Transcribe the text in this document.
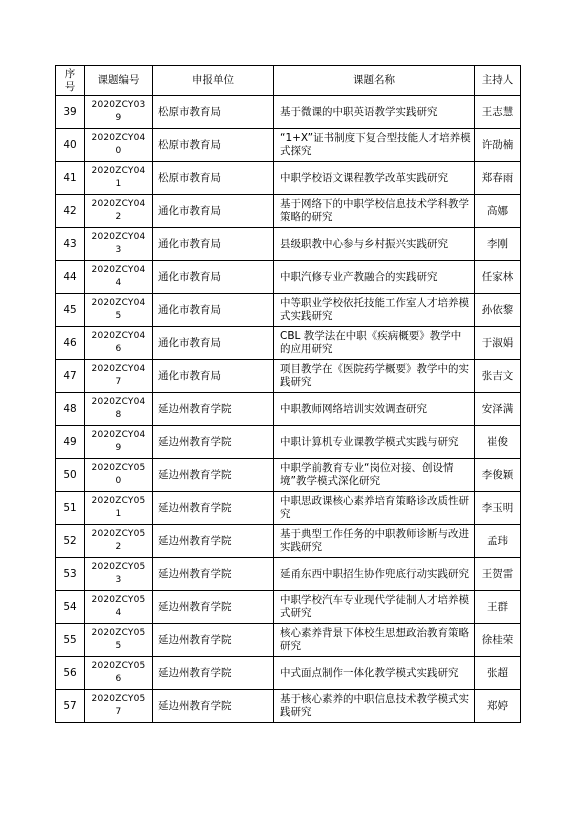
序号	课题编号	申报单位	课题名称	主持人
39	2020ZCY039	松原市教育局	基于微课的中职英语教学实践研究	王志慧
40	2020ZCY040	松原市教育局	“1+X”证书制度下复合型技能人才培养模式探究	许劭楠
41	2020ZCY041	松原市教育局	中职学校语文课程教学改革实践研究	郑春雨
42	2020ZCY042	通化市教育局	基于网络下的中职学校信息技术学科教学策略的研究	高娜
43	2020ZCY043	通化市教育局	县级职教中心参与乡村振兴实践研究	李刚
44	2020ZCY044	通化市教育局	中职汽修专业产教融合的实践研究	任家林
45	2020ZCY045	通化市教育局	中等职业学校依托技能工作室人才培养模式实践研究	孙依黎
46	2020ZCY046	通化市教育局	CBL 教学法在中职《疾病概要》教学中的应用研究	于淑娟
47	2020ZCY047	通化市教育局	项目教学在《医院药学概要》教学中的实践研究	张吉文
48	2020ZCY048	延边州教育学院	中职教师网络培训实效调查研究	安泽满
49	2020ZCY049	延边州教育学院	中职计算机专业课教学模式实践与研究	崔俊
50	2020ZCY050	延边州教育学院	中职学前教育专业“岗位对接、创设情境”教学模式深化研究	李俊颖
51	2020ZCY051	延边州教育学院	中职思政课核心素养培育策略诊改质性研究	李玉明
52	2020ZCY052	延边州教育学院	基于典型工作任务的中职教师诊断与改进实践研究	孟玮
53	2020ZCY053	延边州教育学院	延甬东西中职招生协作兜底行动实践研究	王贺雷
54	2020ZCY054	延边州教育学院	中职学校汽车专业现代学徒制人才培养模式研究	王群
55	2020ZCY055	延边州教育学院	核心素养背景下体校生思想政治教育策略研究	徐桂荣
56	2020ZCY056	延边州教育学院	中式面点制作一体化教学模式实践研究	张超
57	2020ZCY057	延边州教育学院	基于核心素养的中职信息技术教学模式实践研究	郑婷
